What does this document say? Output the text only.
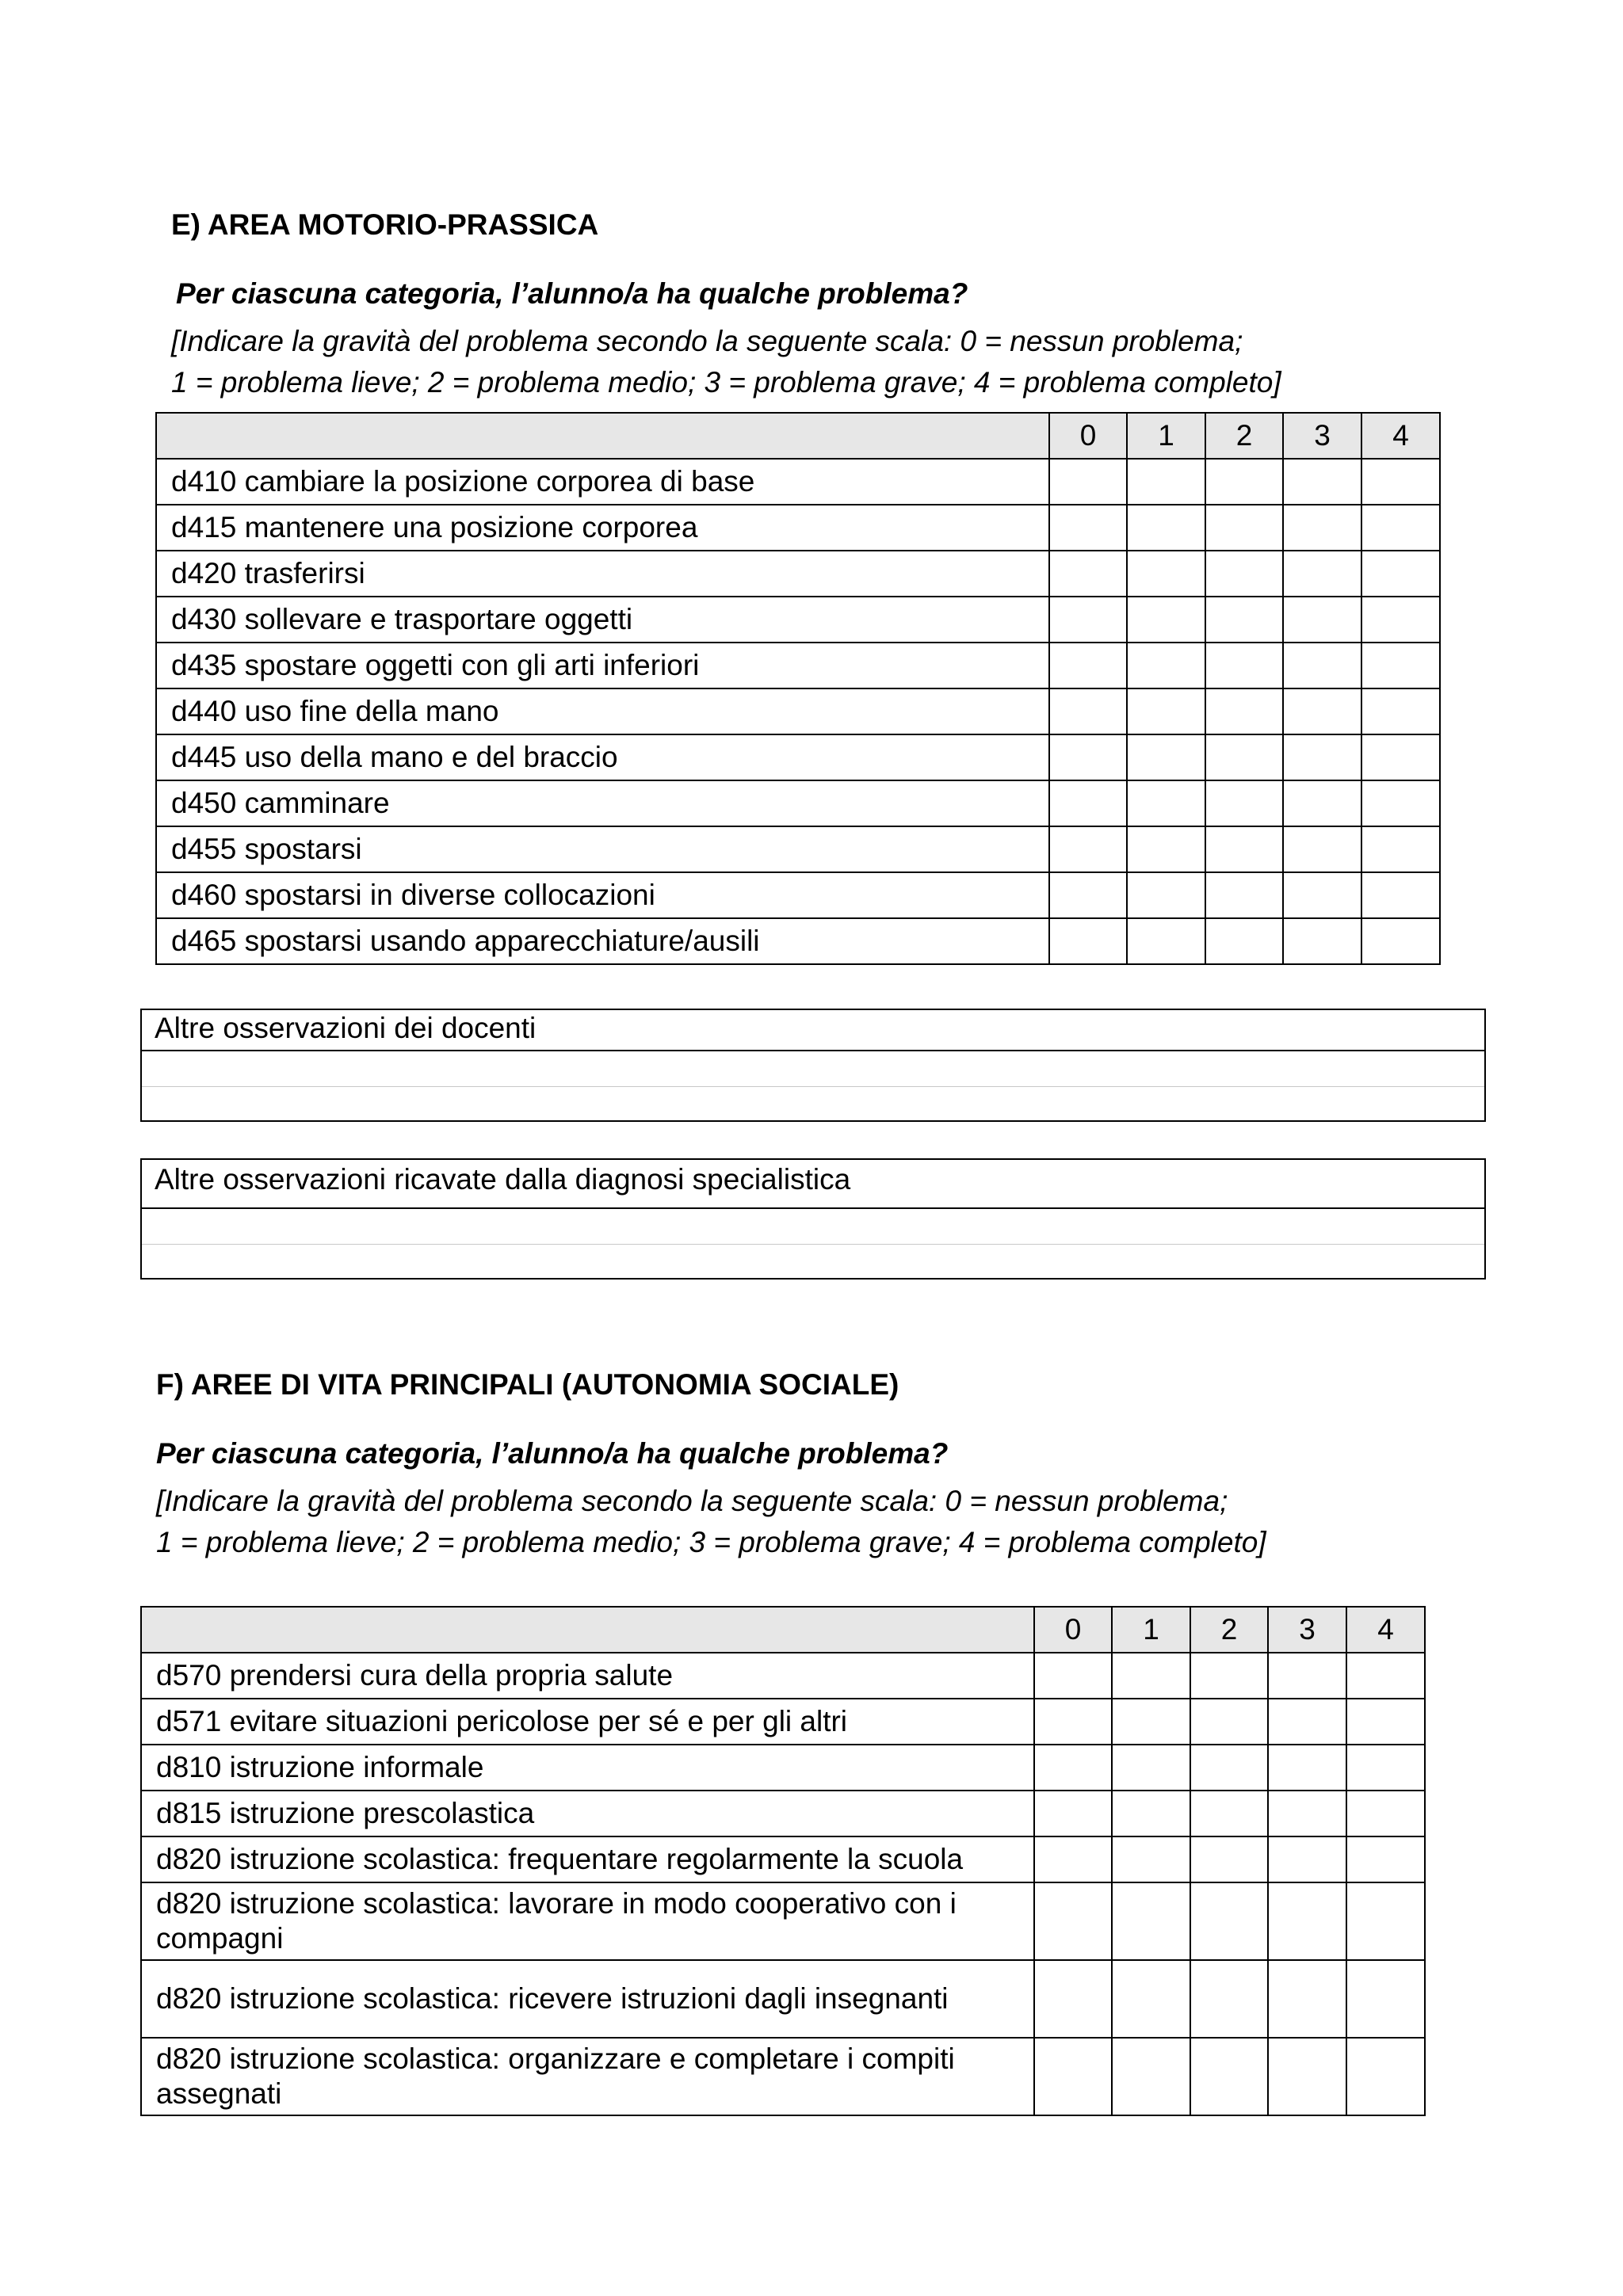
E) AREA MOTORIO-PRASSICA
Per ciascuna categoria, l’alunno/a ha qualche problema?
[Indicare la gravità del problema secondo la seguente scala: 0 = nessun problema;
1 = problema lieve; 2 = problema medio; 3 = problema grave; 4 = problema completo]
	0	1	2	3	4
d410 cambiare la posizione corporea di base					
d415 mantenere una posizione corporea					
d420 trasferirsi					
d430 sollevare e trasportare oggetti					
d435 spostare oggetti con gli arti inferiori					
d440 uso fine della mano					
d445 uso della mano e del braccio					
d450 camminare					
d455 spostarsi					
d460 spostarsi in diverse collocazioni					
d465 spostarsi usando apparecchiature/ausili					
Altre osservazioni dei docenti
Altre osservazioni ricavate dalla diagnosi specialistica
F) AREE DI VITA PRINCIPALI (AUTONOMIA SOCIALE)
Per ciascuna categoria, l’alunno/a ha qualche problema?
[Indicare la gravità del problema secondo la seguente scala: 0 = nessun problema;
1 = problema lieve; 2 = problema medio; 3 = problema grave; 4 = problema completo]
	0	1	2	3	4
d570 prendersi cura della propria salute					
d571 evitare situazioni pericolose per sé e per gli altri					
d810 istruzione informale					
d815 istruzione prescolastica					
d820 istruzione scolastica: frequentare regolarmente la scuola					
d820 istruzione scolastica: lavorare in modo cooperativo con i compagni					
d820 istruzione scolastica: ricevere istruzioni dagli insegnanti					
d820 istruzione scolastica: organizzare e completare i compiti assegnati					
